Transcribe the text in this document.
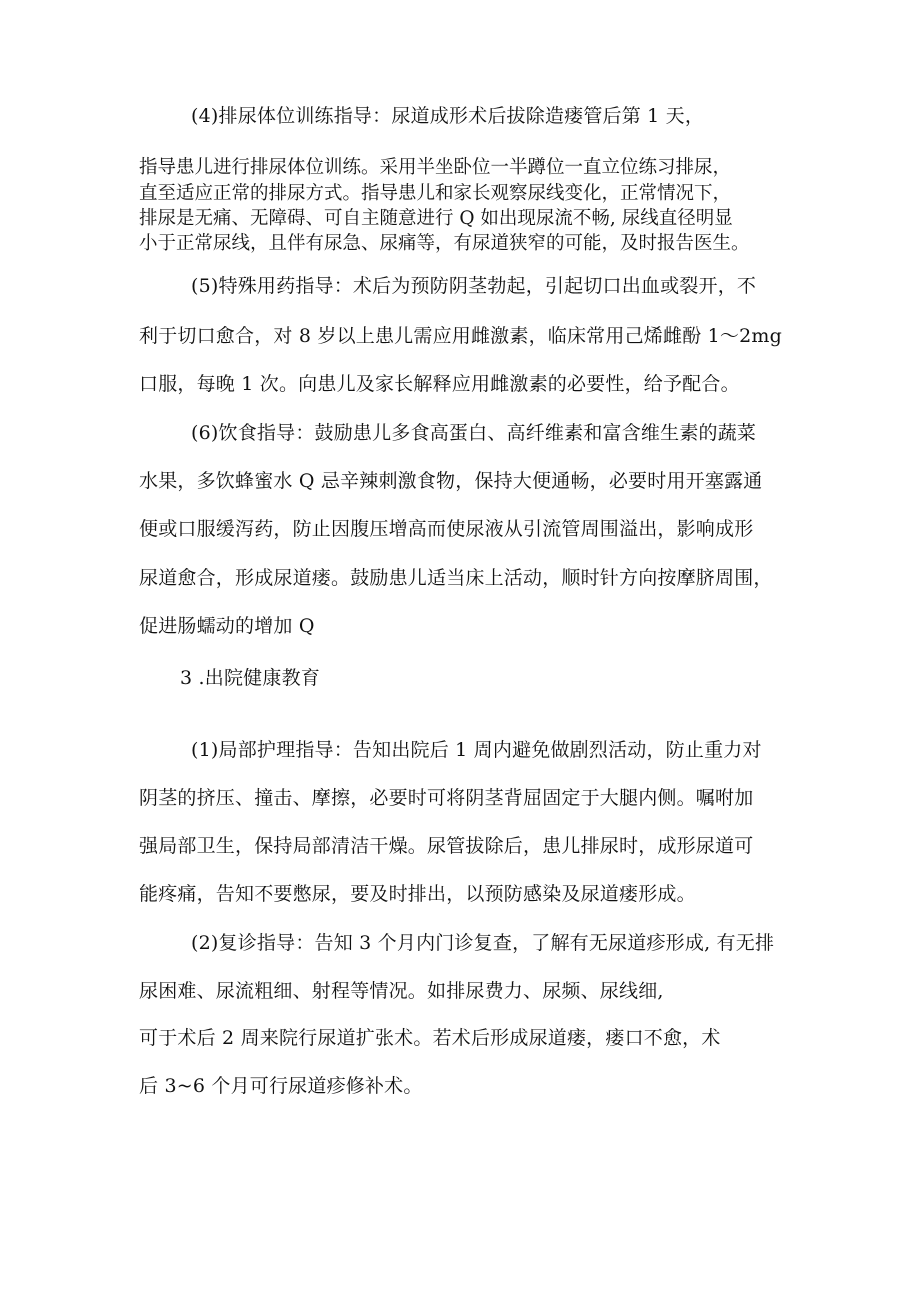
(4)排尿体位训练指导：尿道成形术后拔除造瘘管后第 1 天，
指导患儿进行排尿体位训练。采用半坐卧位一半蹲位一直立位练习排尿，
直至适应正常的排尿方式。指导患儿和家长观察尿线变化，正常情况下，
排尿是无痛、无障碍、可自主随意进行 Q 如出现尿流不畅, 尿线直径明显
小于正常尿线，且伴有尿急、尿痛等，有尿道狭窄的可能，及时报告医生。
(5)特殊用药指导：术后为预防阴茎勃起，引起切口出血或裂开，不
利于切口愈合，对 8 岁以上患儿需应用雌激素，临床常用己烯雌酚 1～2mg
口服，每晚 1 次。向患儿及家长解释应用雌激素的必要性，给予配合。
(6)饮食指导：鼓励患儿多食高蛋白、高纤维素和富含维生素的蔬菜
水果，多饮蜂蜜水 Q 忌辛辣刺激食物，保持大便通畅，必要时用开塞露通
便或口服缓泻药，防止因腹压增高而使尿液从引流管周围溢出，影响成形
尿道愈合，形成尿道瘘。鼓励患儿适当床上活动，顺时针方向按摩脐周围，
促进肠蠕动的增加 Q
3 .出院健康教育
(1)局部护理指导：告知出院后 1 周内避免做剧烈活动，防止重力对
阴茎的挤压、撞击、摩擦，必要时可将阴茎背屈固定于大腿内侧。嘱咐加
强局部卫生，保持局部清洁干燥。尿管拔除后，患儿排尿时，成形尿道可
能疼痛，告知不要憋尿，要及时排出，以预防感染及尿道瘘形成。
(2)复诊指导：告知 3 个月内门诊复查，了解有无尿道疹形成, 有无排
尿困难、尿流粗细、射程等情况。如排尿费力、尿频、尿线细,
可于术后 2 周来院行尿道扩张术。若术后形成尿道瘘，瘘口不愈，术
后 3~6 个月可行尿道疹修补术。
